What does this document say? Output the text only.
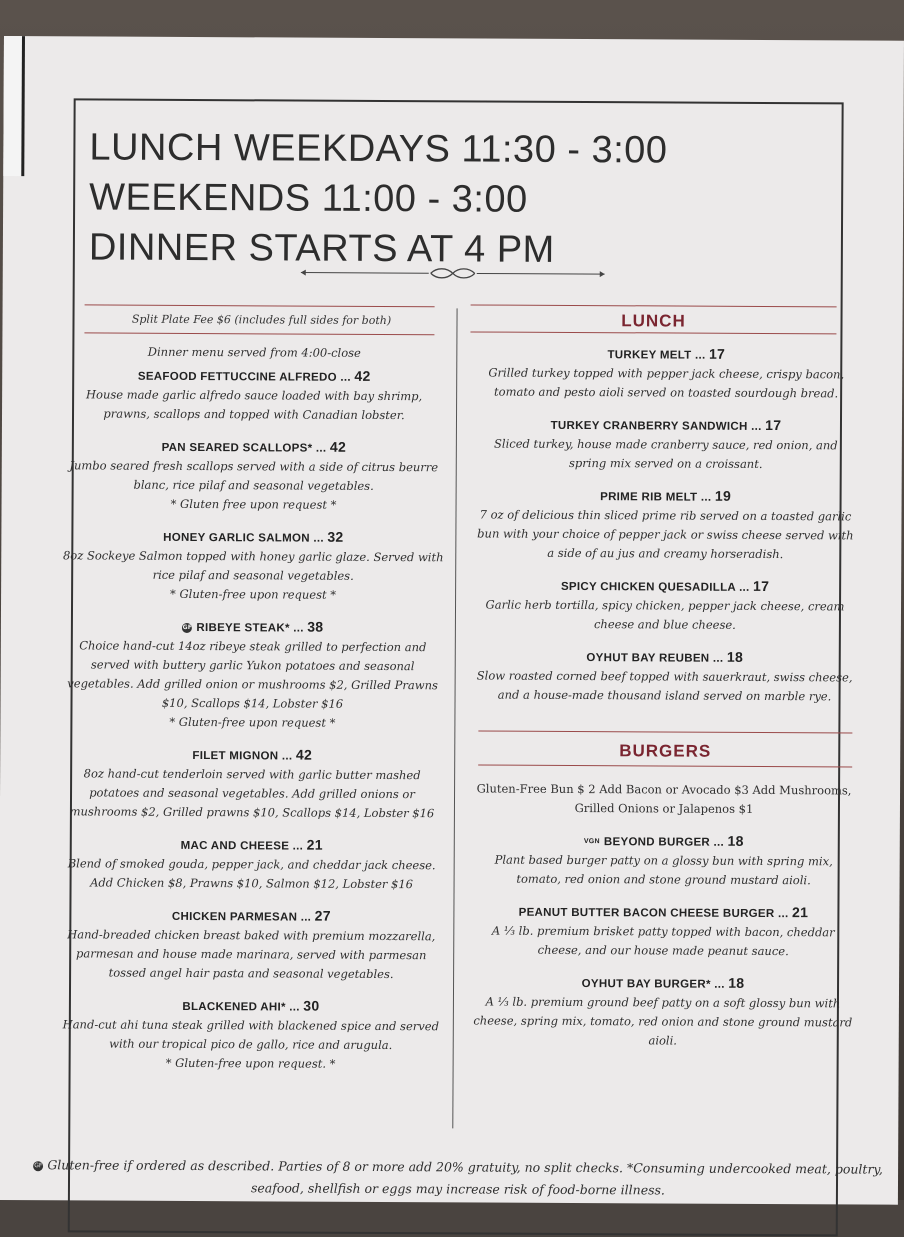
LUNCH WEEKDAYS 11:30 - 3:00
WEEKENDS 11:00 - 3:00
DINNER STARTS AT 4 PM
Split Plate Fee $6 (includes full sides for both)	LUNCH
BURGERS
Dinner menu served from 4:00-close
SEAFOOD FETTUCCINE ALFREDO ... 42
House made garlic alfredo sauce loaded with bay shrimp, prawns, scallops and topped with Canadian lobster.
PAN SEARED SCALLOPS* ... 42
Jumbo seared fresh scallops served with a side of citrus beurre blanc, rice pilaf and seasonal vegetables.
* Gluten free upon request *
HONEY GARLIC SALMON ... 32
8oz Sockeye Salmon topped with honey garlic glaze. Served with rice pilaf and seasonal vegetables.
* Gluten-free upon request *
GF RIBEYE STEAK* ... 38
Choice hand-cut 14oz ribeye steak grilled to perfection and served with buttery garlic Yukon potatoes and seasonal vegetables. Add grilled onion or mushrooms $2, Grilled Prawns $10, Scallops $14, Lobster $16
* Gluten-free upon request *
FILET MIGNON ... 42
8oz hand-cut tenderloin served with garlic butter mashed potatoes and seasonal vegetables. Add grilled onions or mushrooms $2, Grilled prawns $10, Scallops $14, Lobster $16
MAC AND CHEESE ... 21
Blend of smoked gouda, pepper jack, and cheddar jack cheese. Add Chicken $8, Prawns $10, Salmon $12, Lobster $16
CHICKEN PARMESAN ... 27
Hand-breaded chicken breast baked with premium mozzarella, parmesan and house made marinara, served with parmesan tossed angel hair pasta and seasonal vegetables.
BLACKENED AHI* ... 30
Hand-cut ahi tuna steak grilled with blackened spice and served with our tropical pico de gallo, rice and arugula.
* Gluten-free upon request. *
TURKEY MELT ... 17
Grilled turkey topped with pepper jack cheese, crispy bacon, tomato and pesto aioli served on toasted sourdough bread.
TURKEY CRANBERRY SANDWICH ... 17
Sliced turkey, house made cranberry sauce, red onion, and spring mix served on a croissant.
PRIME RIB MELT ... 19
7 oz of delicious thin sliced prime rib served on a toasted garlic bun with your choice of pepper jack or swiss cheese served with a side of au jus and creamy horseradish.
SPICY CHICKEN QUESADILLA ... 17
Garlic herb tortilla, spicy chicken, pepper jack cheese, cream cheese and blue cheese.
OYHUT BAY REUBEN ... 18
Slow roasted corned beef topped with sauerkraut, swiss cheese, and a house-made thousand island served on marble rye.
Gluten-Free Bun $ 2 Add Bacon or Avocado $3 Add Mushrooms, Grilled Onions or Jalapenos $1
VGN BEYOND BURGER ... 18
Plant based burger patty on a glossy bun with spring mix, tomato, red onion and stone ground mustard aioli.
PEANUT BUTTER BACON CHEESE BURGER ... 21
A ⅓ lb. premium brisket patty topped with bacon, cheddar cheese, and our house made peanut sauce.
OYHUT BAY BURGER* ... 18
A ⅓ lb. premium ground beef patty on a soft glossy bun with cheese, spring mix, tomato, red onion and stone ground mustard aioli.
GF Gluten-free if ordered as described. Parties of 8 or more add 20% gratuity, no split checks. *Consuming undercooked meat, poultry, seafood, shellfish or eggs may increase risk of food-borne illness.
